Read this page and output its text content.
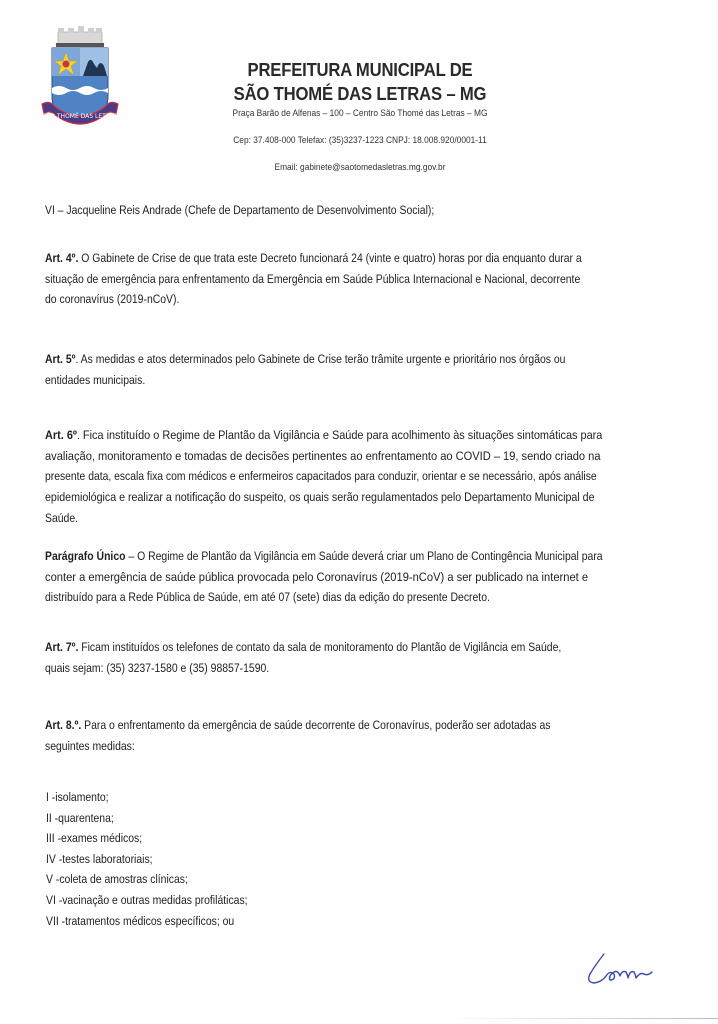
SÃO THOMÉ DAS LETRAS
PREFEITURA MUNICIPAL DE
SÃO THOMÉ DAS LETRAS – MG
Praça Barão de Alfenas – 100 – Centro São Thomé das Letras – MG
Cep: 37.408-000 Telefax: (35)3237-1223 CNPJ: 18.008.920/0001-11
Email: gabinete@saotomedasletras.mg.gov.br
VI – Jacqueline Reis Andrade (Chefe de Departamento de Desenvolvimento Social);
Art. 4º. O Gabinete de Crise de que trata este Decreto funcionará 24 (vinte e quatro) horas por dia enquanto durar a
situação de emergência para enfrentamento da Emergência em Saúde Pública Internacional e Nacional, decorrente
do coronavírus (2019-nCoV).
Art. 5º. As medidas e atos determinados pelo Gabinete de Crise terão trâmite urgente e prioritário nos órgãos ou
entidades municipais.
Art. 6º. Fica instituído o Regime de Plantão da Vigilância e Saúde para acolhimento às situações sintomáticas para
avaliação, monitoramento e tomadas de decisões pertinentes ao enfrentamento ao COVID – 19, sendo criado na
presente data, escala fixa com médicos e enfermeiros capacitados para conduzir, orientar e se necessário, após análise
epidemiológica e realizar a notificação do suspeito, os quais serão regulamentados pelo Departamento Municipal de
Saúde.
Parágrafo Único – O Regime de Plantão da Vigilância em Saúde deverá criar um Plano de Contingência Municipal para
conter a emergência de saúde pública provocada pelo Coronavírus (2019-nCoV) a ser publicado na internet e
distribuído para a Rede Pública de Saúde, em até 07 (sete) dias da edição do presente Decreto.
Art. 7º. Ficam instituídos os telefones de contato da sala de monitoramento do Plantão de Vigilância em Saúde,
quais sejam: (35) 3237-1580 e (35) 98857-1590.
Art. 8.º. Para o enfrentamento da emergência de saúde decorrente de Coronavírus, poderão ser adotadas as
seguintes medidas:
I -isolamento;
II -quarentena;
III -exames médicos;
IV -testes laboratoriais;
V -coleta de amostras clínicas;
VI -vacinação e outras medidas profiláticas;
VII -tratamentos médicos específicos; ou
